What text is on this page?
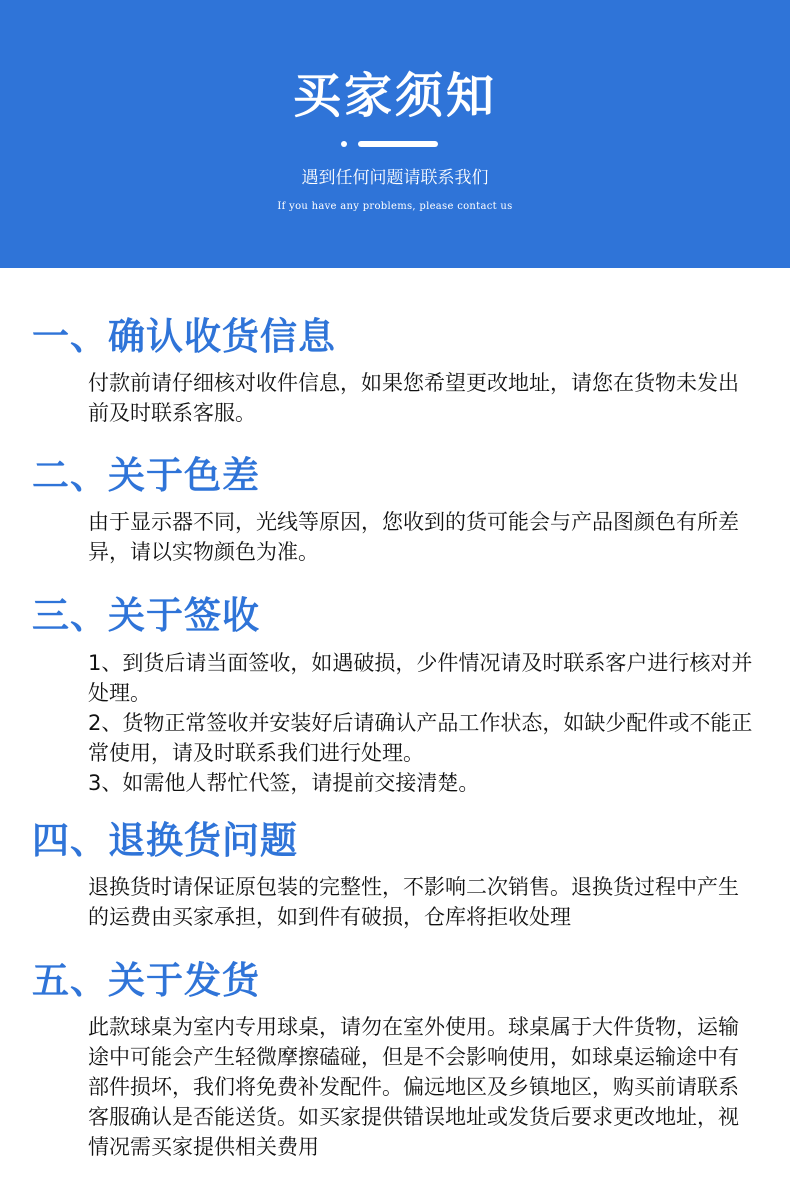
买家须知
遇到任何问题请联系我们
If you have any problems, please contact us
一、确认收货信息

付款前请仔细核对收件信息，如果您希望更改地址，请您在货物未发出前及时联系客服。

二、关于色差

由于显示器不同，光线等原因，您收到的货可能会与产品图颜色有所差异，请以实物颜色为准。

三、关于签收

1、到货后请当面签收，如遇破损，少件情况请及时联系客户进行核对并处理。

2、货物正常签收并安装好后请确认产品工作状态，如缺少配件或不能正常使用，请及时联系我们进行处理。

3、如需他人帮忙代签，请提前交接清楚。

四、退换货问题

退换货时请保证原包装的完整性，不影响二次销售。退换货过程中产生的运费由买家承担，如到件有破损，仓库将拒收处理

五、关于发货

此款球桌为室内专用球桌，请勿在室外使用。球桌属于大件货物，运输途中可能会产生轻微摩擦磕碰，但是不会影响使用，如球桌运输途中有部件损坏，我们将免费补发配件。偏远地区及乡镇地区，购买前请联系客服确认是否能送货。如买家提供错误地址或发货后要求更改地址，视情况需买家提供相关费用
